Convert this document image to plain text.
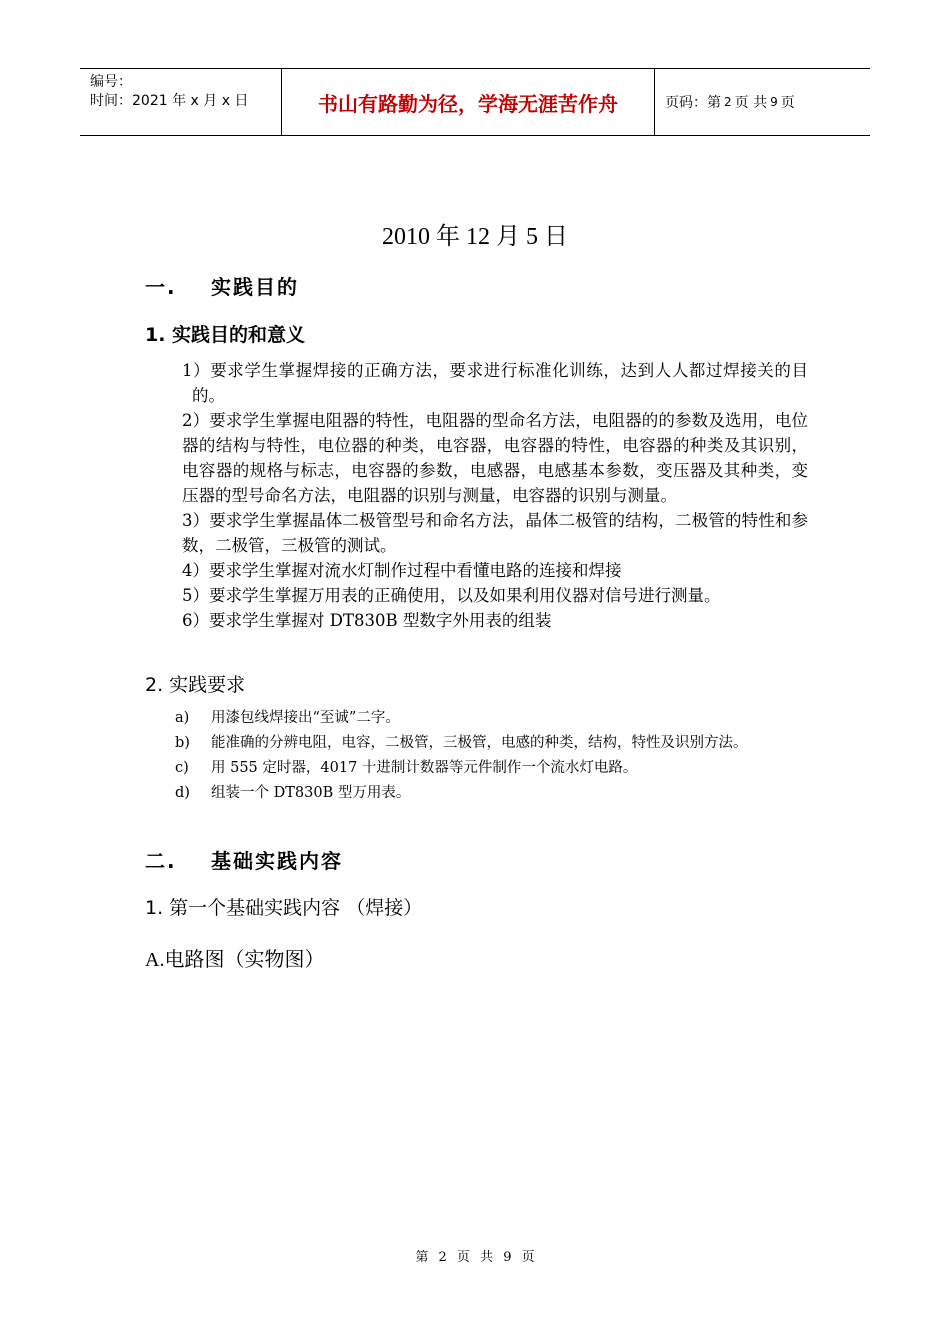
编号：
时间：2021 年 x 月 x 日	书山有路勤为径，学海无涯苦作舟	页码：第 2 页 共 9 页
2010 年 12 月 5 日
一. 实践目的
1. 实践目的和意义

1）要求学生掌握焊接的正确方法，要求进行标准化训练，达到人人都过焊接关的目的。

2）要求学生掌握电阻器的特性，电阻器的型命名方法，电阻器的的参数及选用，电位器的结构与特性，电位器的种类，电容器，电容器的特性，电容器的种类及其识别，电容器的规格与标志，电容器的参数，电感器，电感基本参数，变压器及其种类，变压器的型号命名方法，电阻器的识别与测量，电容器的识别与测量。

3）要求学生掌握晶体二极管型号和命名方法，晶体二极管的结构，二极管的特性和参数，二极管，三极管的测试。

4）要求学生掌握对流水灯制作过程中看懂电路的连接和焊接

5）要求学生掌握万用表的正确使用，以及如果利用仪器对信号进行测量。

6）要求学生掌握对 DT830B 型数字外用表的组装

2. 实践要求
a)	用漆包线焊接出“至诚”二字。
b)	能准确的分辨电阻，电容，二极管，三极管，电感的种类，结构，特性及识别方法。
c)	用 555 定时器，4017 十进制计数器等元件制作一个流水灯电路。
d)	组装一个 DT830B 型万用表。
二. 基础实践内容
1. 第一个基础实践内容 （焊接）
A.电路图（实物图）
第 2 页 共 9 页
